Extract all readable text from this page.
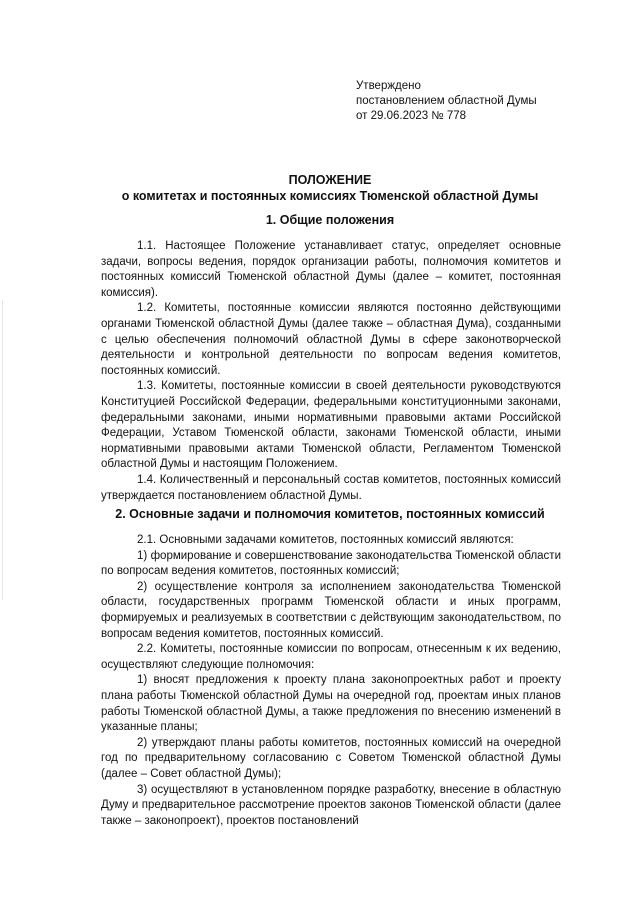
Утверждено
постановлением областной Думы
от 29.06.2023 № 778
ПОЛОЖЕНИЕ
о комитетах и постоянных комиссиях Тюменской областной Думы
1. Общие положения

1.1. Настоящее Положение устанавливает статус, определяет основные задачи, вопросы ведения, порядок организации работы, полномочия комитетов и постоянных комиссий Тюменской областной Думы (далее – комитет, постоянная комиссия).

1.2. Комитеты, постоянные комиссии являются постоянно действующими органами Тюменской областной Думы (далее также – областная Дума), созданными с целью обеспечения полномочий областной Думы в сфере законотворческой деятельности и контрольной деятельности по вопросам ведения комитетов, постоянных комиссий.

1.3. Комитеты, постоянные комиссии в своей деятельности руководствуются Конституцией Российской Федерации, федеральными конституционными законами, федеральными законами, иными нормативными правовыми актами Российской Федерации, Уставом Тюменской области, законами Тюменской области, иными нормативными правовыми актами Тюменской области, Регламентом Тюменской областной Думы и настоящим Положением.

1.4. Количественный и персональный состав комитетов, постоянных комиссий утверждается постановлением областной Думы.

2. Основные задачи и полномочия комитетов, постоянных комиссий

2.1. Основными задачами комитетов, постоянных комиссий являются:

1) формирование и совершенствование законодательства Тюменской области по вопросам ведения комитетов, постоянных комиссий;

2) осуществление контроля за исполнением законодательства Тюменской области, государственных программ Тюменской области и иных программ, формируемых и реализуемых в соответствии с действующим законодательством, по вопросам ведения комитетов, постоянных комиссий.

2.2. Комитеты, постоянные комиссии по вопросам, отнесенным к их ведению, осуществляют следующие полномочия:

1) вносят предложения к проекту плана законопроектных работ и проекту плана работы Тюменской областной Думы на очередной год, проектам иных планов работы Тюменской областной Думы, а также предложения по внесению изменений в указанные планы;

2) утверждают планы работы комитетов, постоянных комиссий на очередной год по предварительному согласованию с Советом Тюменской областной Думы (далее – Совет областной Думы);

3) осуществляют в установленном порядке разработку, внесение в областную Думу и предварительное рассмотрение проектов законов Тюменской области (далее также – законопроект), проектов постановлений
